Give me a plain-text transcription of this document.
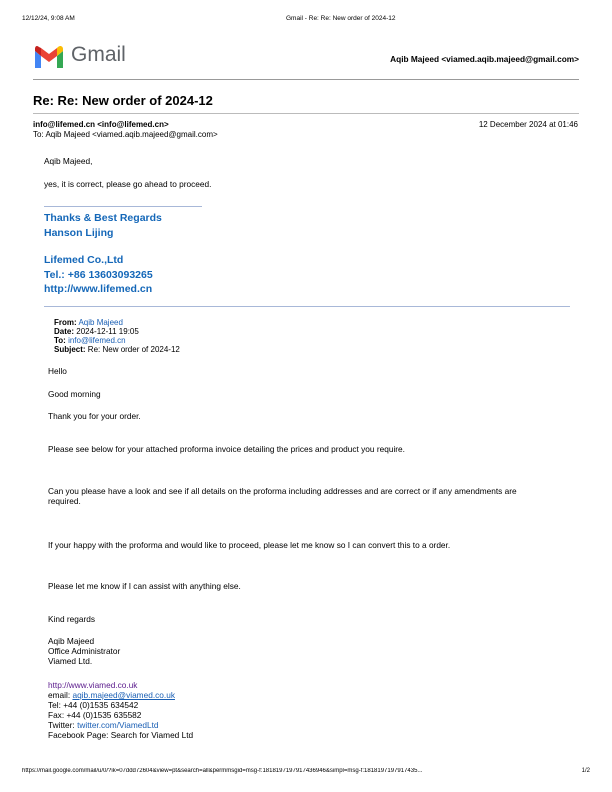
12/12/24, 9:08 AM	Gmail - Re: Re: New order of 2024-12
Gmail	Aqib Majeed <viamed.aqib.majeed@gmail.com>
Re: Re: New order of 2024-12
info@lifemed.cn <info@lifemed.cn>
To: Aqib Majeed <viamed.aqib.majeed@gmail.com>
12 December 2024 at 01:46
Aqib Majeed,
yes, it is correct, please go ahead to proceed.
Thanks & Best Regards
Hanson Lijing
Lifemed Co.,Ltd
Tel.: +86 13603093265
http://www.lifemed.cn
From: Aqib Majeed
Date: 2024-12-11 19:05
To: info@lifemed.cn
Subject: Re: New order of 2024-12
Hello
Good morning
Thank you for your order.
Please see below for your attached proforma invoice detailing the prices and product you require.
Can you please have a look and see if all details on the proforma including addresses and are correct or if any amendments are required.
If your happy with the proforma and would like to proceed, please let me know so I can convert this to a order.
Please let me know if I can assist with anything else.
Kind regards
Aqib Majeed
Office Administrator
Viamed Ltd.
http://www.viamed.co.uk
email: aqib.majeed@viamed.co.uk
Tel: +44 (0)1535 634542
Fax: +44 (0)1535 635582
Twitter: twitter.com/ViamedLtd
Facebook Page: Search for Viamed Ltd
https://mail.google.com/mail/u/0/?ik=07ddd72604&view=pt&search=all&permmsgid=msg-f:1818197197917436946&simpl=msg-f:1818197197917435...	1/2
